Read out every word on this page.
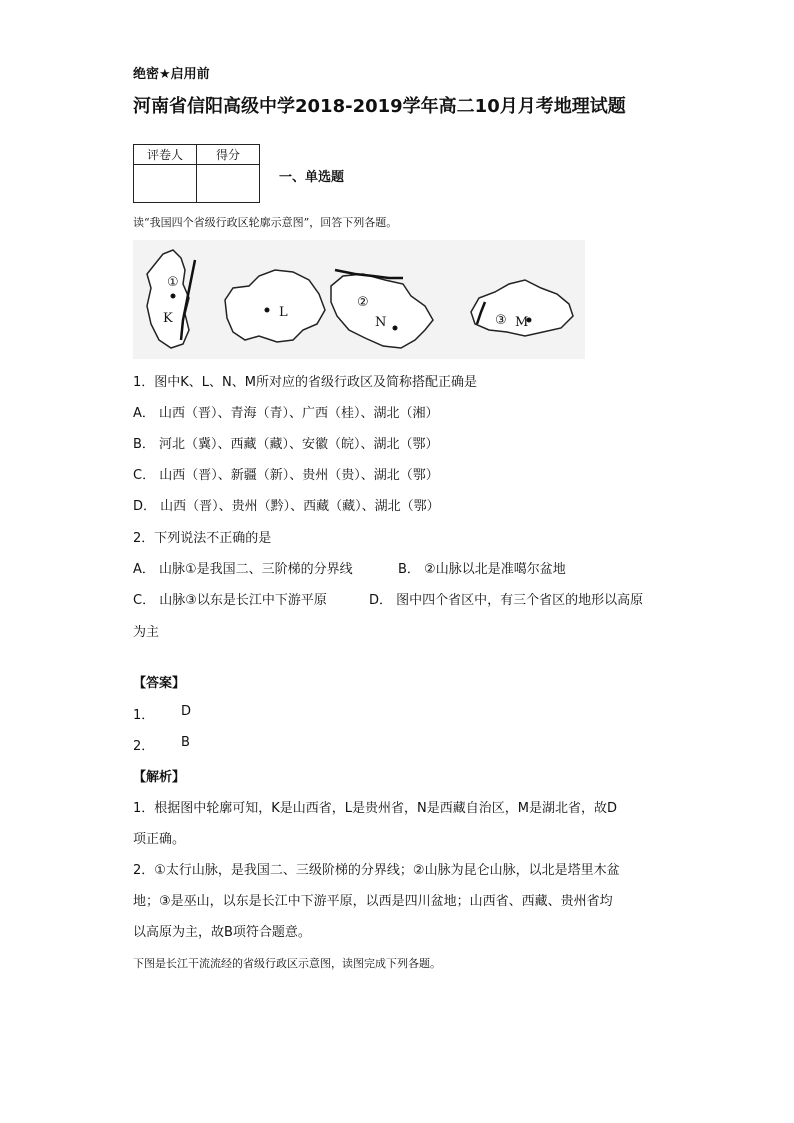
绝密★启用前
河南省信阳高级中学2018-2019学年高二10月月考地理试题
评卷人	得分

一、单选题
读“我国四个省级行政区轮廓示意图”，回答下列各题。
①
K	L
②
N	③ M
1．图中K、L、N、M所对应的省级行政区及简称搭配正确是
A． 山西（晋）、青海（青）、广西（桂）、湖北（湘）
B． 河北（冀）、西藏（藏）、安徽（皖）、湖北（鄂）
C． 山西（晋）、新疆（新）、贵州（贵）、湖北（鄂）
D． 山西（晋）、贵州（黔）、西藏（藏）、湖北（鄂）
2．下列说法不正确的是
A． 山脉①是我国二、三阶梯的分界线	B． ②山脉以北是准噶尔盆地
C． 山脉③以东是长江中下游平原	D． 图中四个省区中，有三个省区的地形以高原
为主
【答案】
1． D
2． B
【解析】
1．根据图中轮廓可知，K是山西省，L是贵州省，N是西藏自治区，M是湖北省，故D
项正确。
2．①太行山脉，是我国二、三级阶梯的分界线；②山脉为昆仑山脉，以北是塔里木盆
地；③是巫山，以东是长江中下游平原，以西是四川盆地；山西省、西藏、贵州省均
以高原为主，故B项符合题意。
下图是长江干流流经的省级行政区示意图，读图完成下列各题。
